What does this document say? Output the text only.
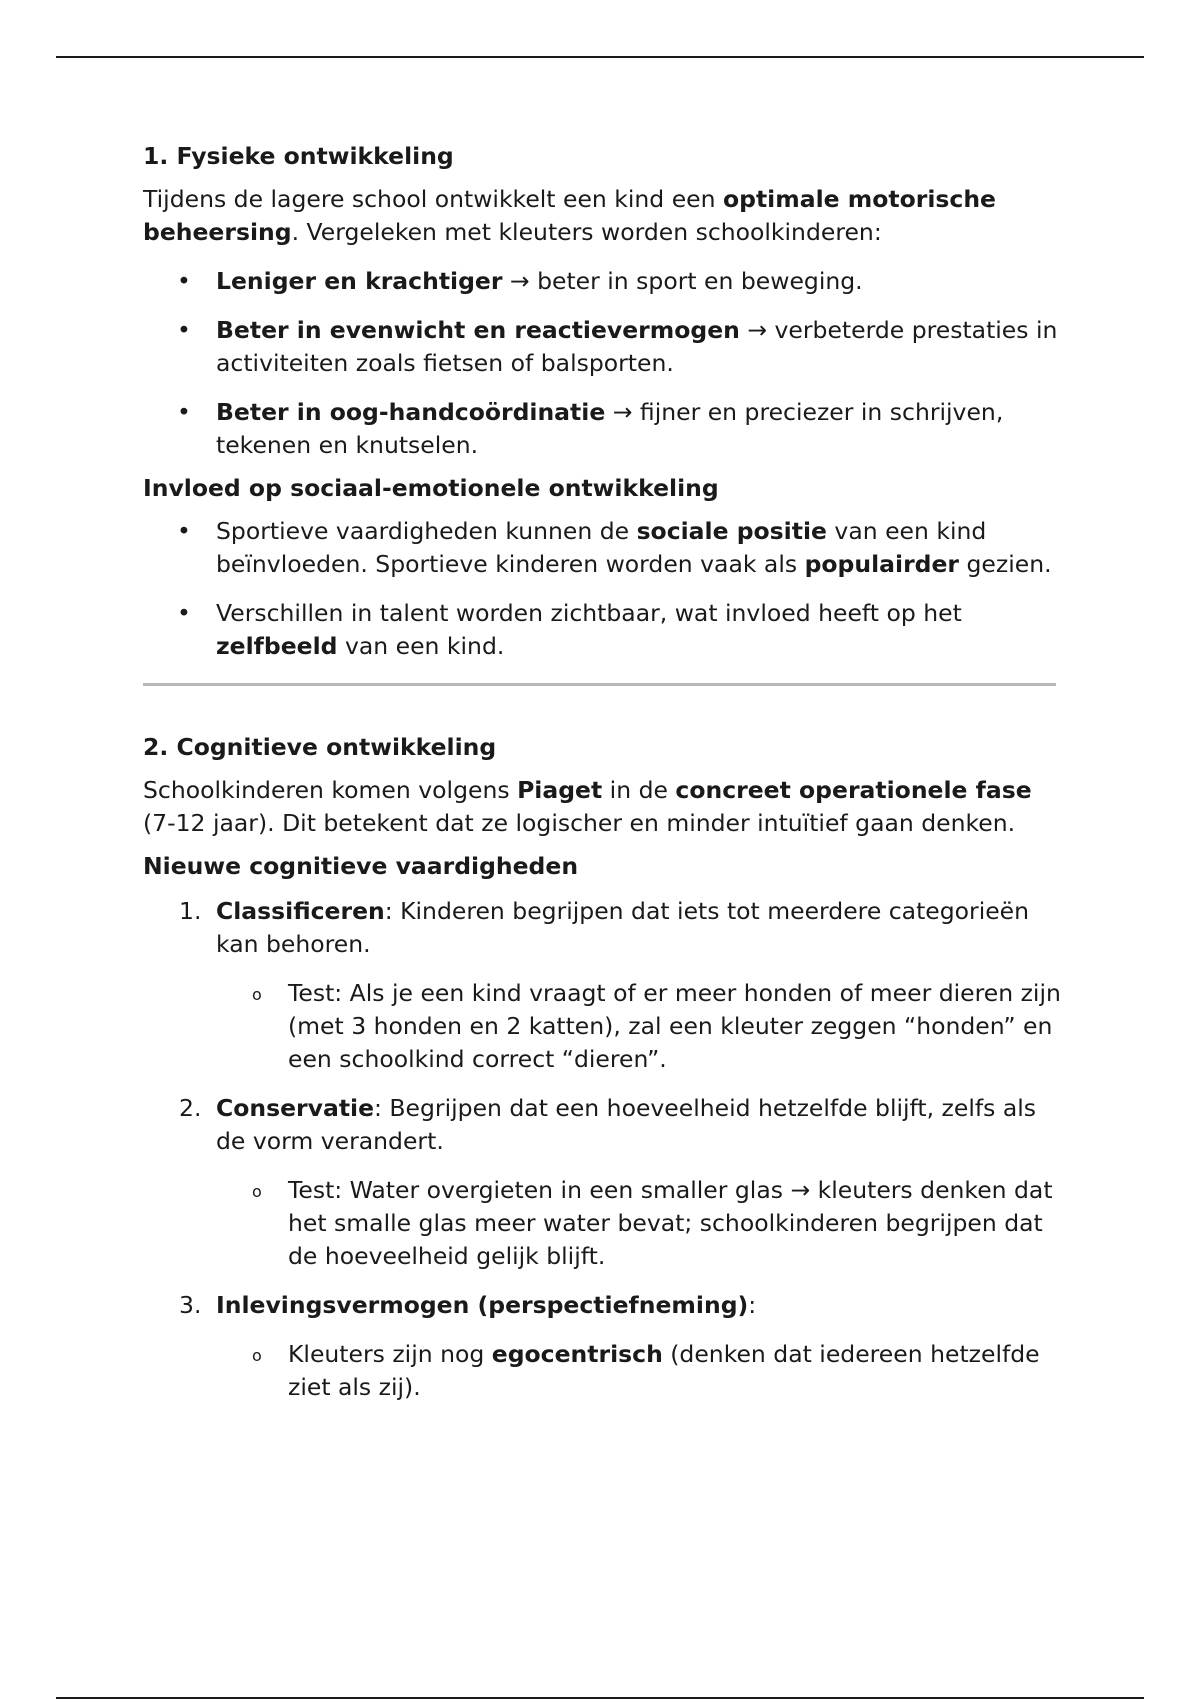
1. Fysieke ontwikkeling

Tijdens de lagere school ontwikkelt een kind een optimale motorische beheersing. Vergeleken met kleuters worden schoolkinderen:

• Leniger en krachtiger → beter in sport en beweging.
• Beter in evenwicht en reactievermogen → verbeterde prestaties in activiteiten zoals fietsen of balsporten.
• Beter in oog-handcoördinatie → fijner en preciezer in schrijven, tekenen en knutselen.
Invloed op sociaal-emotionele ontwikkeling
• Sportieve vaardigheden kunnen de sociale positie van een kind beïnvloeden. Sportieve kinderen worden vaak als populairder gezien.
• Verschillen in talent worden zichtbaar, wat invloed heeft op het zelfbeeld van een kind.
2. Cognitieve ontwikkeling

Schoolkinderen komen volgens Piaget in de concreet operationele fase (7-12 jaar). Dit betekent dat ze logischer en minder intuïtief gaan denken.

Nieuwe cognitieve vaardigheden
1. Classificeren: Kinderen begrijpen dat iets tot meerdere categorieën kan behoren.
o Test: Als je een kind vraagt of er meer honden of meer dieren zijn (met 3 honden en 2 katten), zal een kleuter zeggen “honden” en een schoolkind correct “dieren”.
2. Conservatie: Begrijpen dat een hoeveelheid hetzelfde blijft, zelfs als de vorm verandert.
o Test: Water overgieten in een smaller glas → kleuters denken dat het smalle glas meer water bevat; schoolkinderen begrijpen dat de hoeveelheid gelijk blijft.
3. Inlevingsvermogen (perspectiefneming):
o Kleuters zijn nog egocentrisch (denken dat iedereen hetzelfde ziet als zij).
